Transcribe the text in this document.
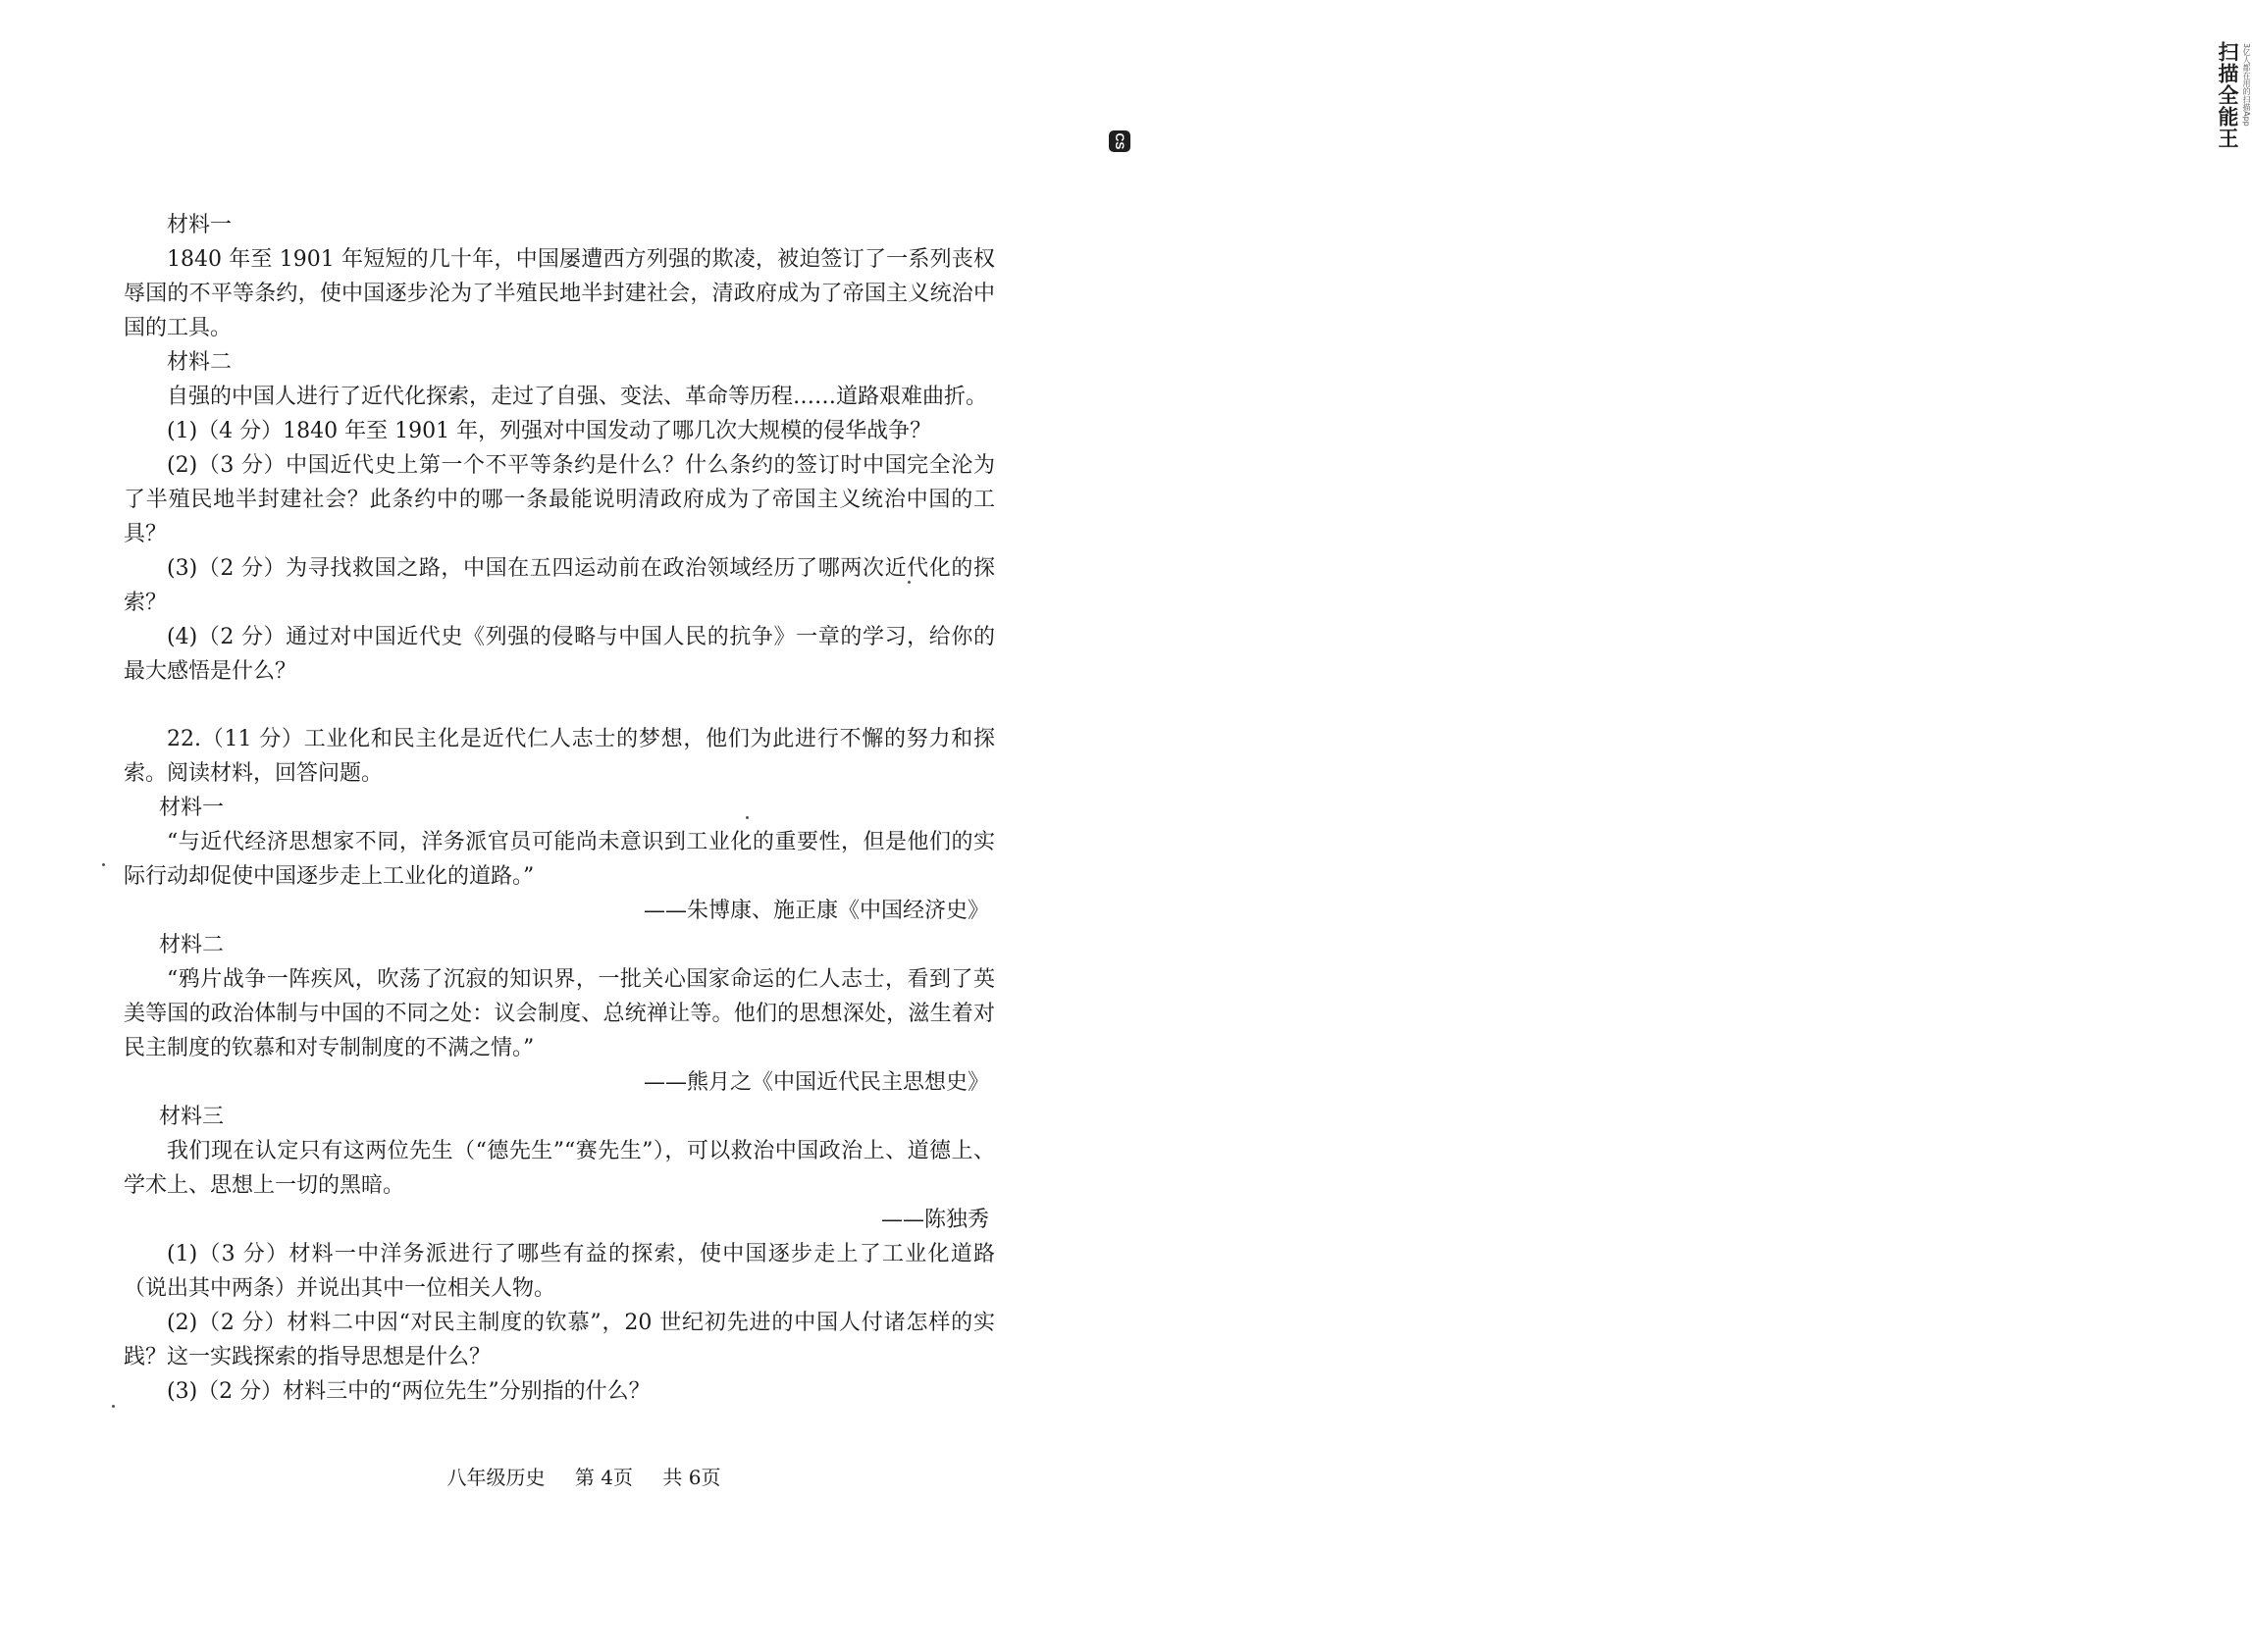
扫描全能王 3亿人都在用的扫描App
CS

材料一

1840 年至 1901 年短短的几十年，中国屡遭西方列强的欺凌，被迫签订了一系列丧权辱国的不平等条约，使中国逐步沦为了半殖民地半封建社会，清政府成为了帝国主义统治中国的工具。

材料二

自强的中国人进行了近代化探索，走过了自强、变法、革命等历程……道路艰难曲折。

(1)（4 分）1840 年至 1901 年，列强对中国发动了哪几次大规模的侵华战争？

(2)（3 分）中国近代史上第一个不平等条约是什么？什么条约的签订时中国完全沦为了半殖民地半封建社会？此条约中的哪一条最能说明清政府成为了帝国主义统治中国的工具？

(3)（2 分）为寻找救国之路，中国在五四运动前在政治领域经历了哪两次近代化的探索？

(4)（2 分）通过对中国近代史《列强的侵略与中国人民的抗争》一章的学习，给你的最大感悟是什么？

22.（11 分）工业化和民主化是近代仁人志士的梦想，他们为此进行不懈的努力和探索。阅读材料，回答问题。

材料一

“与近代经济思想家不同，洋务派官员可能尚未意识到工业化的重要性，但是他们的实际行动却促使中国逐步走上工业化的道路。”

——朱博康、施正康《中国经济史》

材料二

“鸦片战争一阵疾风，吹荡了沉寂的知识界，一批关心国家命运的仁人志士，看到了英美等国的政治体制与中国的不同之处：议会制度、总统禅让等。他们的思想深处，滋生着对民主制度的钦慕和对专制制度的不满之情。”

——熊月之《中国近代民主思想史》

材料三

我们现在认定只有这两位先生（“德先生”“赛先生”），可以救治中国政治上、道德上、学术上、思想上一切的黑暗。

——陈独秀

(1)（3 分）材料一中洋务派进行了哪些有益的探索，使中国逐步走上了工业化道路（说出其中两条）并说出其中一位相关人物。

(2)（2 分）材料二中因“对民主制度的钦慕”，20 世纪初先进的中国人付诸怎样的实践？这一实践探索的指导思想是什么？

(3)（2 分）材料三中的“两位先生”分别指的什么？

八年级历史 第 4页 共 6页
